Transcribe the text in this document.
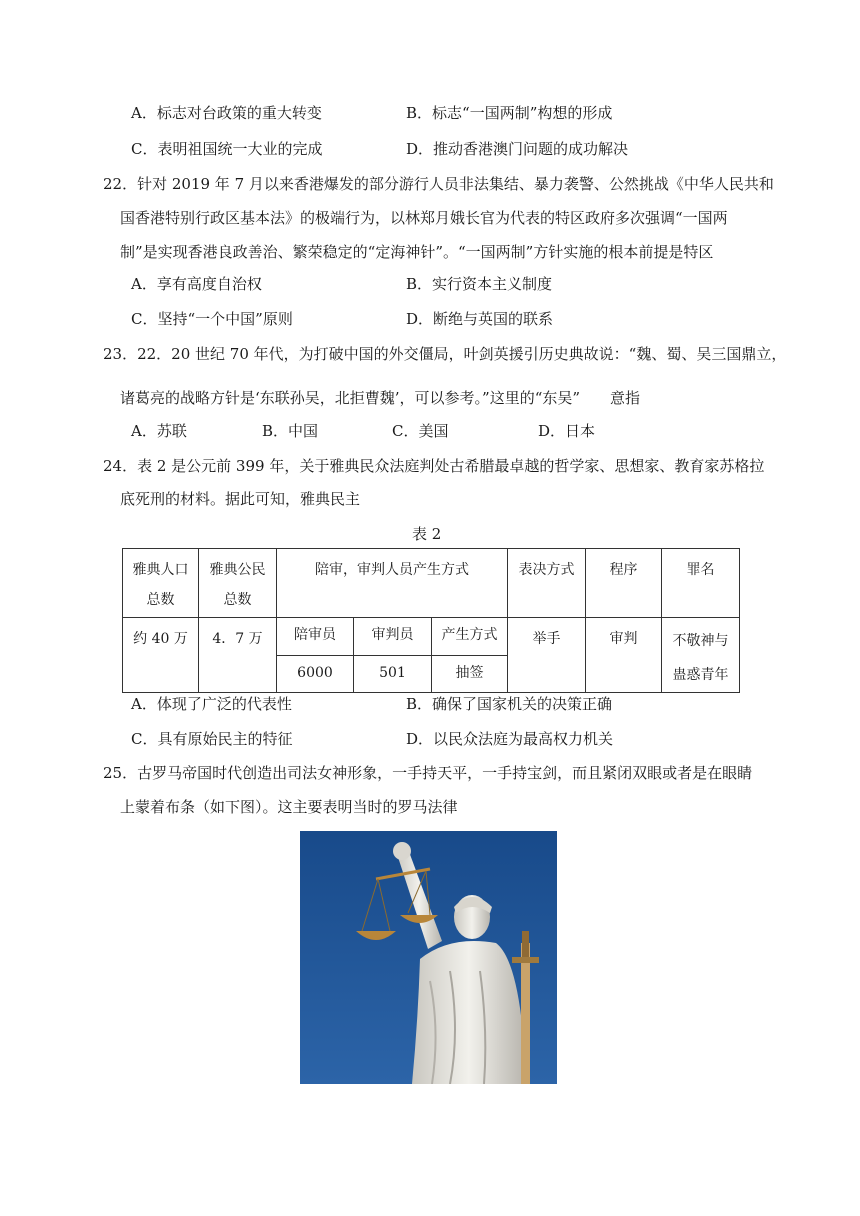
A．标志对台政策的重大转变	B．标志“一国两制”构想的形成
C．表明祖国统一大业的完成	D．推动香港澳门问题的成功解决
22．针对 2019 年 7 月以来香港爆发的部分游行人员非法集结、暴力袭警、公然挑战《中华人民共和
国香港特别行政区基本法》的极端行为，以林郑月娥长官为代表的特区政府多次强调“一国两
制”是实现香港良政善治、繁荣稳定的“定海神针”。“一国两制”方针实施的根本前提是特区
A．享有高度自治权	B．实行资本主义制度
C．坚持“一个中国”原则	D．断绝与英国的联系
23．22．20 世纪 70 年代，为打破中国的外交僵局，叶剑英援引历史典故说：“魏、蜀、吴三国鼎立，
诸葛亮的战略方针是‘东联孙吴，北拒曹魏’，可以参考。”这里的“东吴”　　意指
A．苏联	B．中国	C．美国	D．日本
24．表 2 是公元前 399 年，关于雅典民众法庭判处古希腊最卓越的哲学家、思想家、教育家苏格拉
底死刑的材料。据此可知，雅典民主
表 2
雅典人口总数	雅典公民总数	陪审，审判人员产生方式			表决方式	程序	罪名
约 40 万	4．7 万	陪审员	审判员	产生方式	举手	审判	不敬神与蛊惑青年
		6000	501	抽签			
A．体现了广泛的代表性	B．确保了国家机关的决策正确
C．具有原始民主的特征	D．以民众法庭为最高权力机关
25．古罗马帝国时代创造出司法女神形象，一手持天平，一手持宝剑，而且紧闭双眼或者是在眼睛
上蒙着布条（如下图）。这主要表明当时的罗马法律
